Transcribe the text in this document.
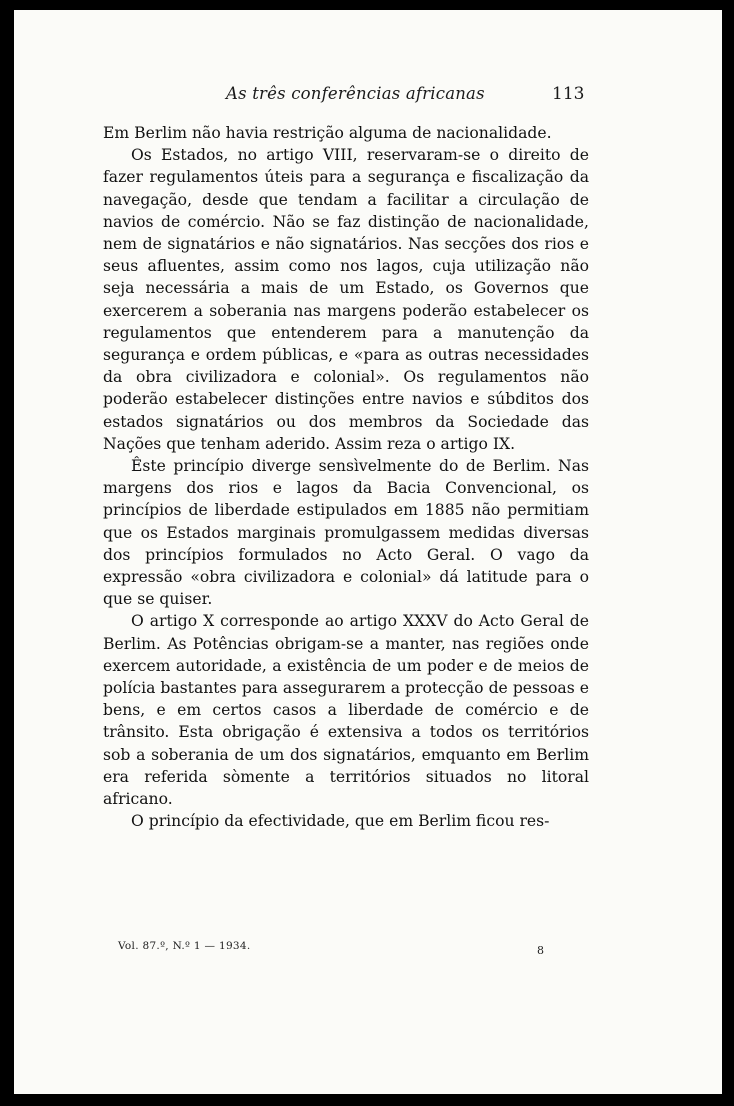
As três conferências africanas	113

Em Berlim não havia restrição alguma de nacionalidade.

Os Estados, no artigo VIII, reservaram-se o direito de fazer regulamentos úteis para a segurança e fiscalização da navegação, desde que tendam a facilitar a circulação de navios de comércio. Não se faz distinção de nacionalidade, nem de signatários e não signatários. Nas secções dos rios e seus afluentes, assim como nos lagos, cuja utilização não seja necessária a mais de um Estado, os Governos que exercerem a soberania nas margens poderão estabelecer os regulamentos que entenderem para a manutenção da segurança e ordem públicas, e «para as outras necessidades da obra civilizadora e colonial». Os regulamentos não poderão estabelecer distinções entre navios e súbditos dos estados signatários ou dos membros da Sociedade das Nações que tenham aderido. Assim reza o artigo IX.

Êste princípio diverge sensìvelmente do de Berlim. Nas margens dos rios e lagos da Bacia Convencional, os princípios de liberdade estipulados em 1885 não permitiam que os Estados marginais promulgassem medidas diversas dos princípios formulados no Acto Geral. O vago da expressão «obra civilizadora e colonial» dá latitude para o que se quiser.

O artigo X corresponde ao artigo XXXV do Acto Geral de Berlim. As Potências obrigam-se a manter, nas regiões onde exercem autoridade, a existência de um poder e de meios de polícia bastantes para assegurarem a protecção de pessoas e bens, e em certos casos a liberdade de comércio e de trânsito. Esta obrigação é extensiva a todos os territórios sob a soberania de um dos signatários, emquanto em Berlim era referida sòmente a territórios situados no litoral africano.

O princípio da efectividade, que em Berlim ficou res-

Vol. 87.º, N.º 1 — 1934.	8
